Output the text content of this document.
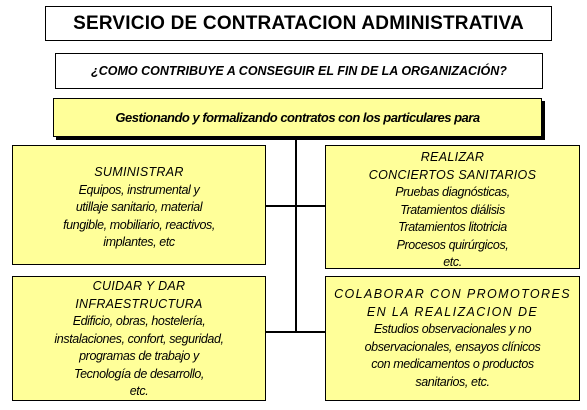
SERVICIO DE CONTRATACION ADMINISTRATIVA
¿COMO CONTRIBUYE A CONSEGUIR EL FIN DE LA ORGANIZACIÓN?
Gestionando y formalizando contratos con los particulares para
SUMINISTRAR
Equipos, instrumental y
utillaje sanitario, material
fungible, mobiliario, reactivos,
implantes, etc
REALIZAR
CONCIERTOS SANITARIOS
Pruebas diagnósticas,
Tratamientos diálisis
Tratamientos litotricia
Procesos quirúrgicos,
etc.
CUIDAR Y DAR
INFRAESTRUCTURA
Edificio, obras, hostelería,
instalaciones, confort, seguridad,
programas de trabajo y
Tecnología de desarrollo,
etc.
COLABORAR CON PROMOTORES
EN LA REALIZACION DE
Estudios observacionales y no
observacionales, ensayos clínicos
con medicamentos o productos
sanitarios, etc.
